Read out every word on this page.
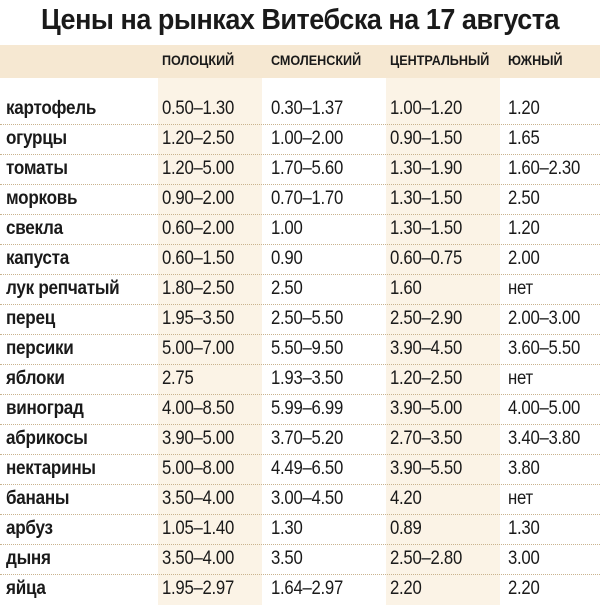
Цены на рынках Витебска на 17 августа
ПОЛОЦКИЙ	СМОЛЕНСКИЙ ЦЕНТРАЛЬНЫЙ ЮЖНЫЙ
картофель	0.50–1.30 0.30–1.37 1.00–1.20 1.20
огурцы	1.20–2.50 1.00–2.00 0.90–1.50 1.65
томаты	1.20–5.00 1.70–5.60 1.30–1.90 1.60–2.30
морковь	0.90–2.00 0.70–1.70 1.30–1.50 2.50
свекла	0.60–2.00 1.00	1.30–1.50 1.20
капуста	0.60–1.50 0.90	0.60–0.75 2.00
лук репчатый 1.80–2.50 2.50	1.60	нет
перец	1.95–3.50 2.50–5.50 2.50–2.90 2.00–3.00
персики	5.00–7.00 5.50–9.50 3.90–4.50 3.60–5.50
яблоки	2.75	1.93–3.50 1.20–2.50 нет
виноград	4.00–8.50 5.99–6.99 3.90–5.00 4.00–5.00
абрикосы	3.90–5.00 3.70–5.20 2.70–3.50 3.40–3.80
нектарины	5.00–8.00 4.49–6.50 3.90–5.50 3.80
бананы	3.50–4.00 3.00–4.50 4.20	нет
арбуз	1.05–1.40 1.30	0.89	1.30
дыня	3.50–4.00 3.50	2.50–2.80 3.00
яйца	1.95–2.97 1.64–2.97 2.20	2.20
